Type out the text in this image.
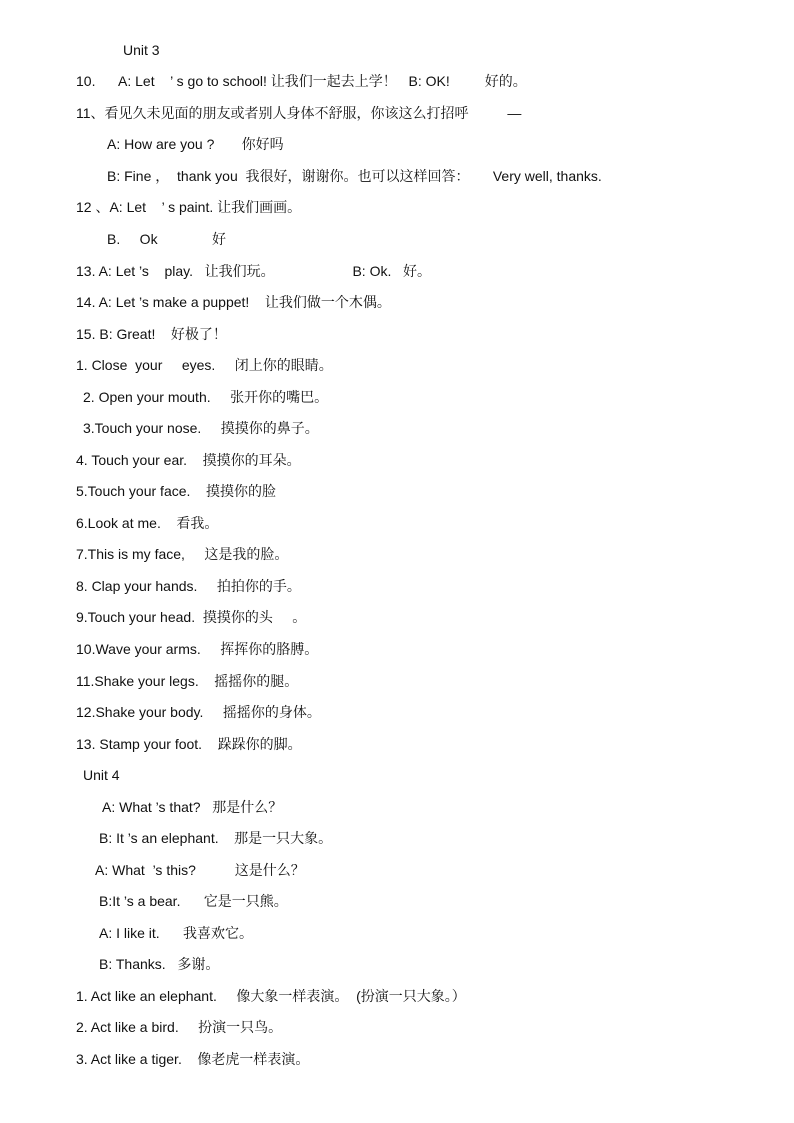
Unit 3
10.      A: Let    ’ s go to school! 让我们一起去上学！   B: OK!         好的。
11、看见久未见面的朋友或者别人身体不舒服，你该这么打招呼          —
A: How are you ?       你好吗
B: Fine ，  thank you  我很好，谢谢你。也可以这样回答：      Very well, thanks.
12 、A: Let    ’ s paint. 让我们画画。
B.     Ok              好
13. A: Let ’s    play.   让我们玩。                    B: Ok.   好。
14. A: Let ’s make a puppet!    让我们做一个木偶。
15. B: Great!    好极了！
1. Close  your     eyes.     闭上你的眼睛。
2. Open your mouth.     张开你的嘴巴。
3.Touch your nose.     摸摸你的鼻子。
4. Touch your ear.    摸摸你的耳朵。
5.Touch your face.    摸摸你的脸
6.Look at me.    看我。
7.This is my face,     这是我的脸。
8. Clap your hands.     拍拍你的手。
9.Touch your head.  摸摸你的头     。
10.Wave your arms.     挥挥你的胳膊。
11.Shake your legs.    摇摇你的腿。
12.Shake your body.     摇摇你的身体。
13. Stamp your foot.    跺跺你的脚。
Unit 4
A: What ’s that?   那是什么？
B: It ’s an elephant.    那是一只大象。
A: What  ’s this?          这是什么？
B:It ’s a bear.      它是一只熊。
A: I like it.      我喜欢它。
B: Thanks.   多谢。
1. Act like an elephant.     像大象一样表演。  (扮演一只大象。）
2. Act like a bird.     扮演一只鸟。
3. Act like a tiger.    像老虎一样表演。
